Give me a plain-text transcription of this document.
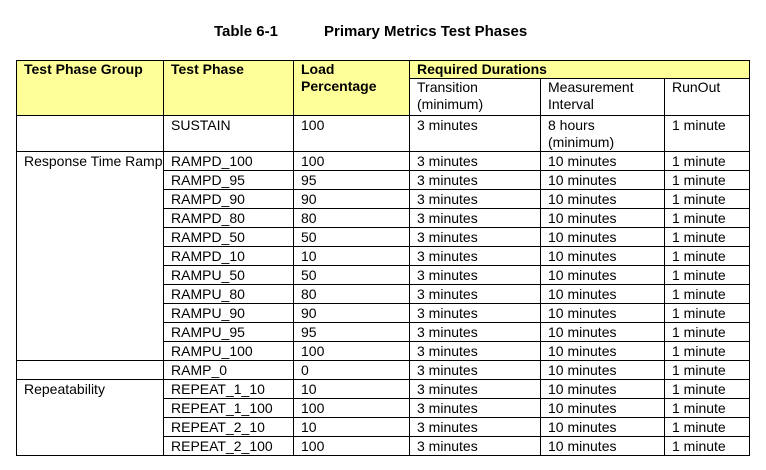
Table 6-1	Primary Metrics Test Phases
Test Phase Group	Test Phase	Load Percentage	Required Durations		
			Transition (minimum)	Measurement Interval	RunOut
	SUSTAIN	100	3 minutes	8 hours (minimum)	1 minute

Response Time Ramp	RAMPD_100	100	3 minutes	10 minutes	1 minute
	RAMPD_95	95	3 minutes	10 minutes	1 minute
	RAMPD_90	90	3 minutes	10 minutes	1 minute
	RAMPD_80	80	3 minutes	10 minutes	1 minute
	RAMPD_50	50	3 minutes	10 minutes	1 minute
	RAMPD_10	10	3 minutes	10 minutes	1 minute
	RAMPU_50	50	3 minutes	10 minutes	1 minute
	RAMPU_80	80	3 minutes	10 minutes	1 minute
	RAMPU_90	90	3 minutes	10 minutes	1 minute
	RAMPU_95	95	3 minutes	10 minutes	1 minute
	RAMPU_100	100	3 minutes	10 minutes	1 minute
	RAMP_0	0	3 minutes	10 minutes	1 minute
Repeatability	REPEAT_1_10	10	3 minutes	10 minutes	1 minute
	REPEAT_1_100	100	3 minutes	10 minutes	1 minute
	REPEAT_2_10	10	3 minutes	10 minutes	1 minute
	REPEAT_2_100	100	3 minutes	10 minutes	1 minute
